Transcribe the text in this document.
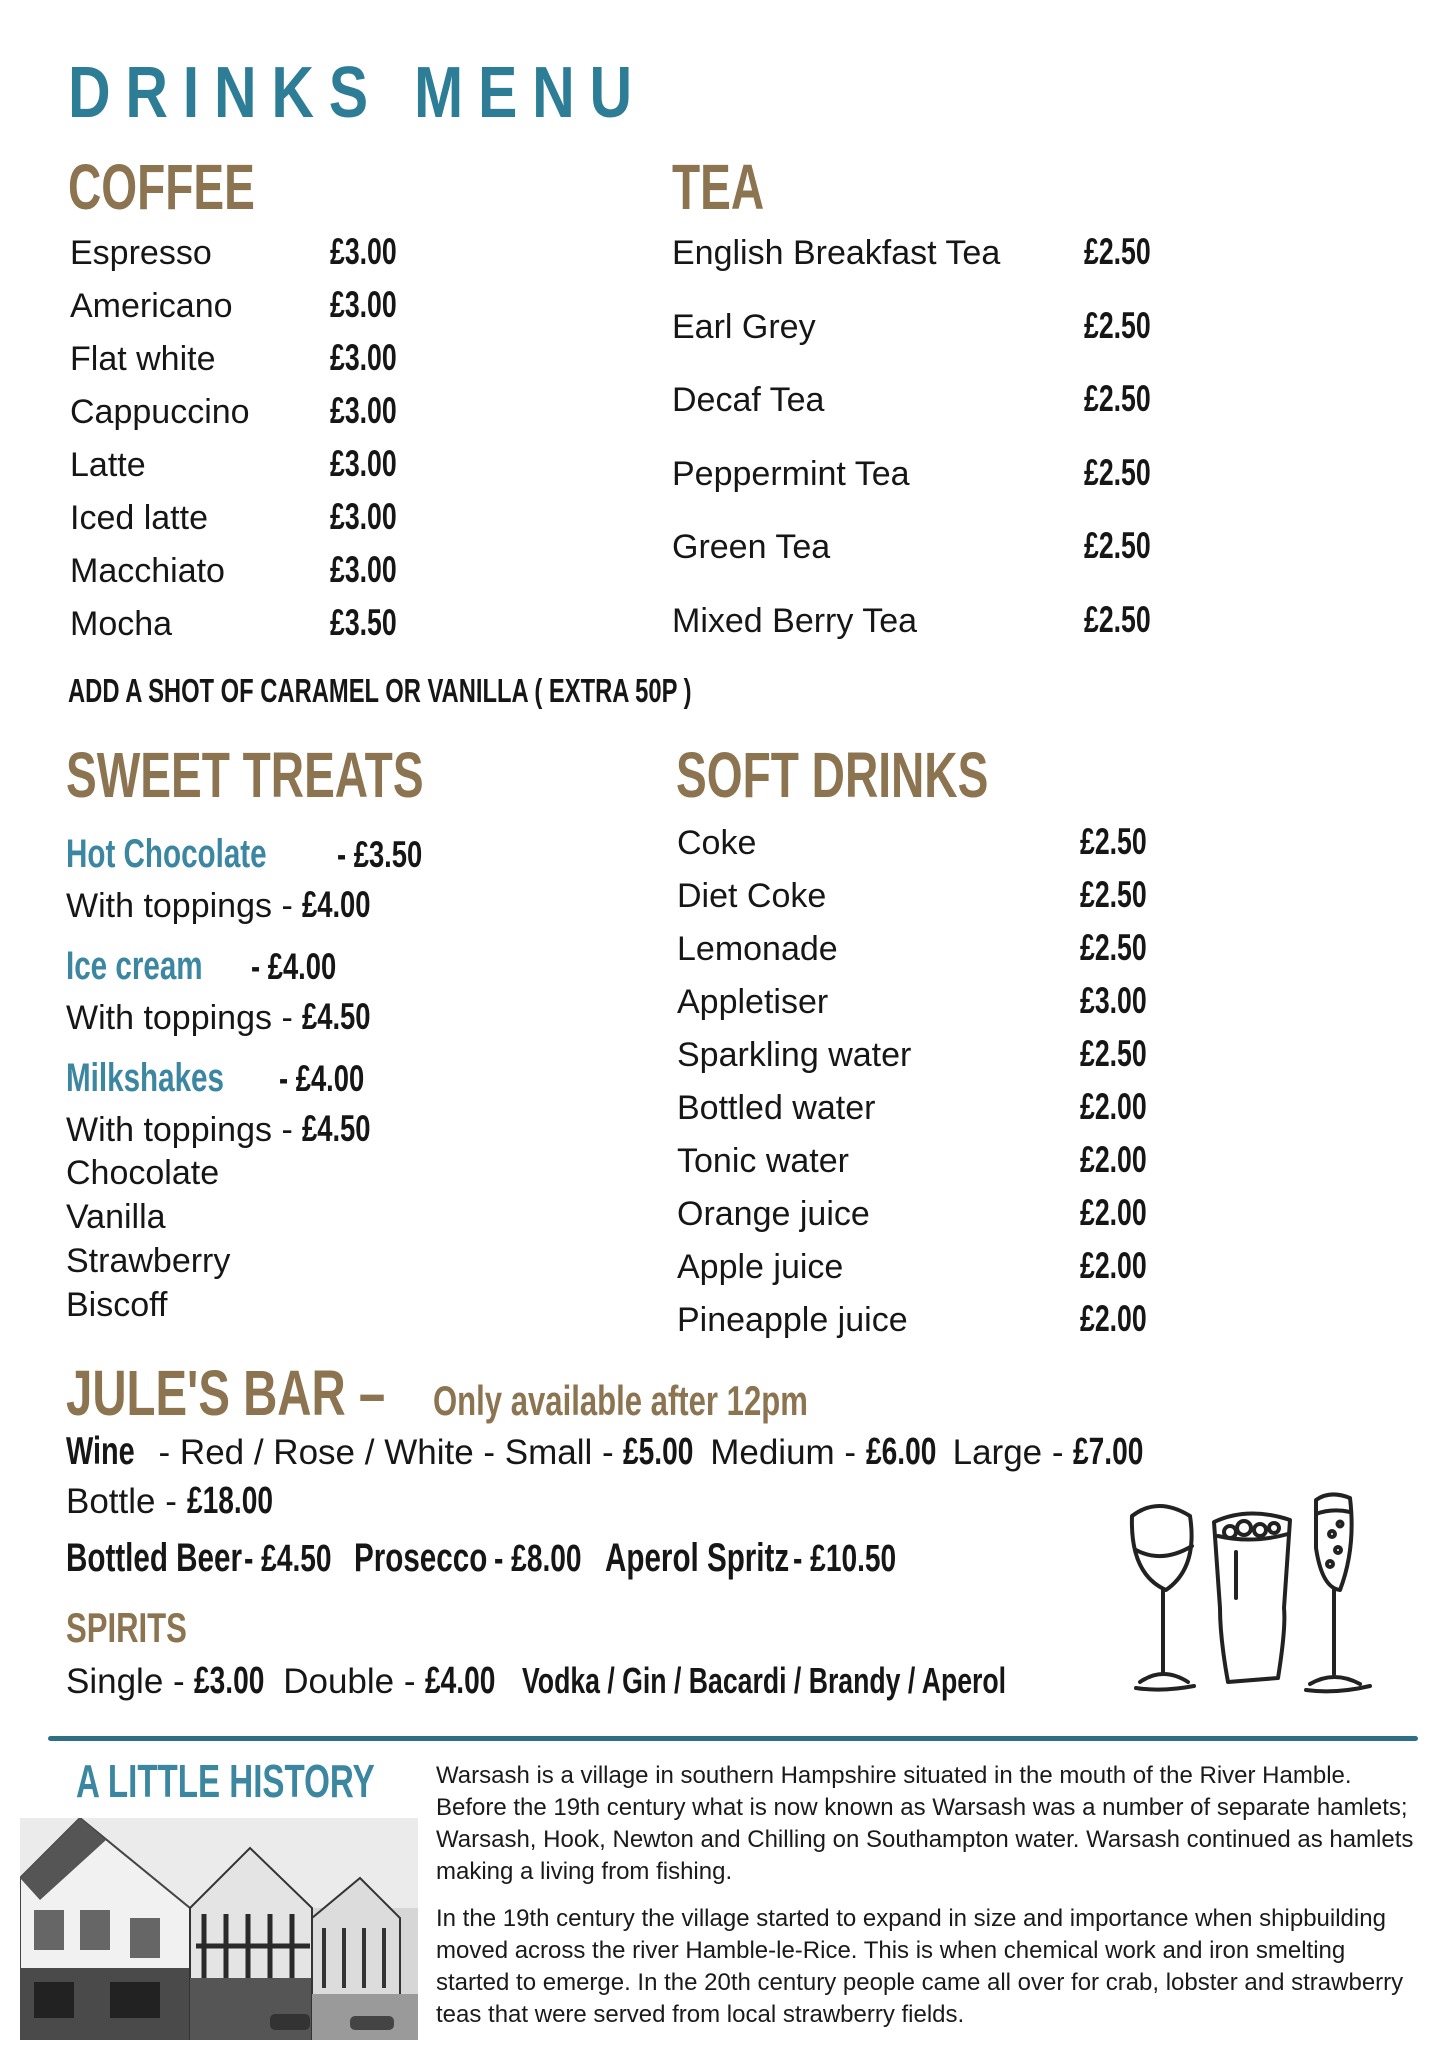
DRINKS MENU
COFFEE
Espresso	£3.00
Americano	£3.00
Flat white	£3.00
Cappuccino £3.00
Latte	£3.00
Iced latte	£3.00
Macchiato	£3.00
Mocha	£3.50
ADD A SHOT OF CARAMEL OR VANILLA ( EXTRA 50P )
TEA
English Breakfast Tea £2.50
Earl Grey	£2.50
Decaf Tea	£2.50
Peppermint Tea	£2.50
Green Tea	£2.50
Mixed Berry Tea	£2.50
SWEET TREATS
Hot Chocolate - £3.50
With toppings - £4.00
Ice cream - £4.00
With toppings - £4.50
Milkshakes - £4.00
With toppings - £4.50
Chocolate
Vanilla
Strawberry
Biscoff
SOFT DRINKS
Coke	£2.50
Diet Coke	£2.50
Lemonade	£2.50
Appletiser	£3.00
Sparkling water	£2.50
Bottled water	£2.00
Tonic water	£2.00
Orange juice	£2.00
Apple juice	£2.00
Pineapple juice	£2.00
JULE'S BAR – Only available after 12pm
Wine - Red / Rose / White - Small - £5.00 Medium - £6.00 Large - £7.00
Bottle - £18.00
Bottled Beer- £4.50 Prosecco- £8.00 Aperol Spritz- £10.50
SPIRITS
Single - £3.00 Double - £4.00 Vodka / Gin / Bacardi / Brandy / Aperol
A LITTLE HISTORY	Warsash is a village in southern Hampshire situated in the mouth of the River Hamble. Before the 19th century what is now known as Warsash was a number of separate hamlets; Warsash, Hook, Newton and Chilling on Southampton water. Warsash continued as hamlets making a living from fishing.
In the 19th century the village started to expand in size and importance when shipbuilding moved across the river Hamble-le-Rice. This is when chemical work and iron smelting started to emerge. In the 20th century people came all over for crab, lobster and strawberry teas that were served from local strawberry fields.
